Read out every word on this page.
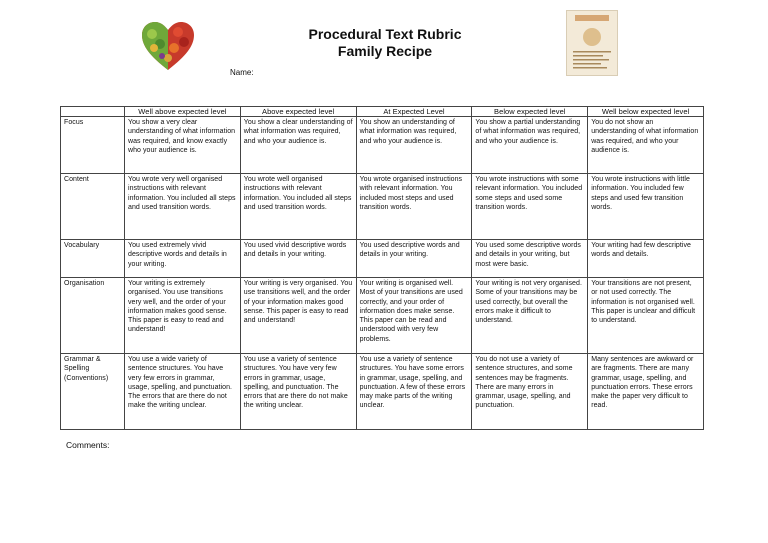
Procedural Text Rubric
Family Recipe
Name:
	Well above expected level	Above expected level	At Expected Level	Below expected level	Well below expected level
Focus	You show a very clear understanding of what information was required, and know exactly who your audience is.	You show a clear understanding of what information was required, and who your audience is.	You show an understanding of what information was required, and who your audience is.	You show a partial understanding of what information was required, and who your audience is.	You do not show an understanding of what information was required, and who your audience is.
Content	You wrote very well organised instructions with relevant information. You included all steps and used transition words.	You wrote well organised instructions with relevant information. You included all steps and used transition words.	You wrote organised instructions with relevant information. You included most steps and used transition words.	You wrote instructions with some relevant information. You included some steps and used some transition words.	You wrote instructions with little information. You included few steps and used few transition words.
Vocabulary	You used extremely vivid descriptive words and details in your writing.	You used vivid descriptive words and details in your writing.	You used descriptive words and details in your writing.	You used some descriptive words and details in your writing, but most were basic.	Your writing had few descriptive words and details.
Organisation	Your writing is extremely organised. You use transitions very well, and the order of your information makes good sense. This paper is easy to read and understand!	Your writing is very organised. You use transitions well, and the order of your information makes good sense. This paper is easy to read and understand!	Your writing is organised well. Most of your transitions are used correctly, and your order of information does make sense. This paper can be read and understood with very few problems.	Your writing is not very organised. Some of your transitions may be used correctly, but overall the errors make it difficult to understand.	Your transitions are not present, or not used correctly. The information is not organised well. This paper is unclear and difficult to understand.
Grammar & Spelling (Conventions)	You use a wide variety of sentence structures. You have very few errors in grammar, usage, spelling, and punctuation. The errors that are there do not make the writing unclear.	You use a variety of sentence structures. You have very few errors in grammar, usage, spelling, and punctuation. The errors that are there do not make the writing unclear.	You use a variety of sentence structures. You have some errors in grammar, usage, spelling, and punctuation. A few of these errors may make parts of the writing unclear.	You do not use a variety of sentence structures, and some sentences may be fragments. There are many errors in grammar, usage, spelling, and punctuation.	Many sentences are awkward or are fragments. There are many grammar, usage, spelling, and punctuation errors. These errors make the paper very difficult to read.
Comments:
